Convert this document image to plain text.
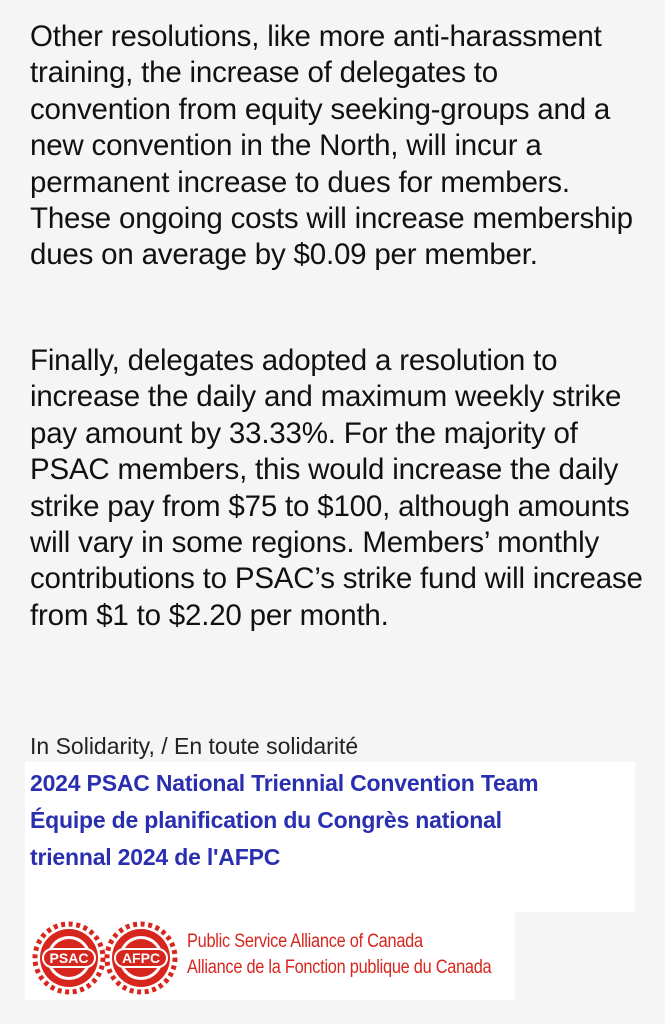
Other resolutions, like more anti-harassment training, the increase of delegates to convention from equity seeking-groups and a new convention in the North, will incur a permanent increase to dues for members. These ongoing costs will increase membership dues on average by $0.09 per member.

Finally, delegates adopted a resolution to increase the daily and maximum weekly strike pay amount by 33.33%. For the majority of PSAC members, this would increase the daily strike pay from $75 to $100, although amounts will vary in some regions. Members’ monthly contributions to PSAC’s strike fund will increase from $1 to $2.20 per month.

In Solidarity, / En toute solidarité
2024 PSAC National Triennial Convention Team
Équipe de planification du Congrès national
triennal 2024 de l'AFPC
PSAC AFPC
Public Service Alliance of Canada
Alliance de la Fonction publique du Canada
